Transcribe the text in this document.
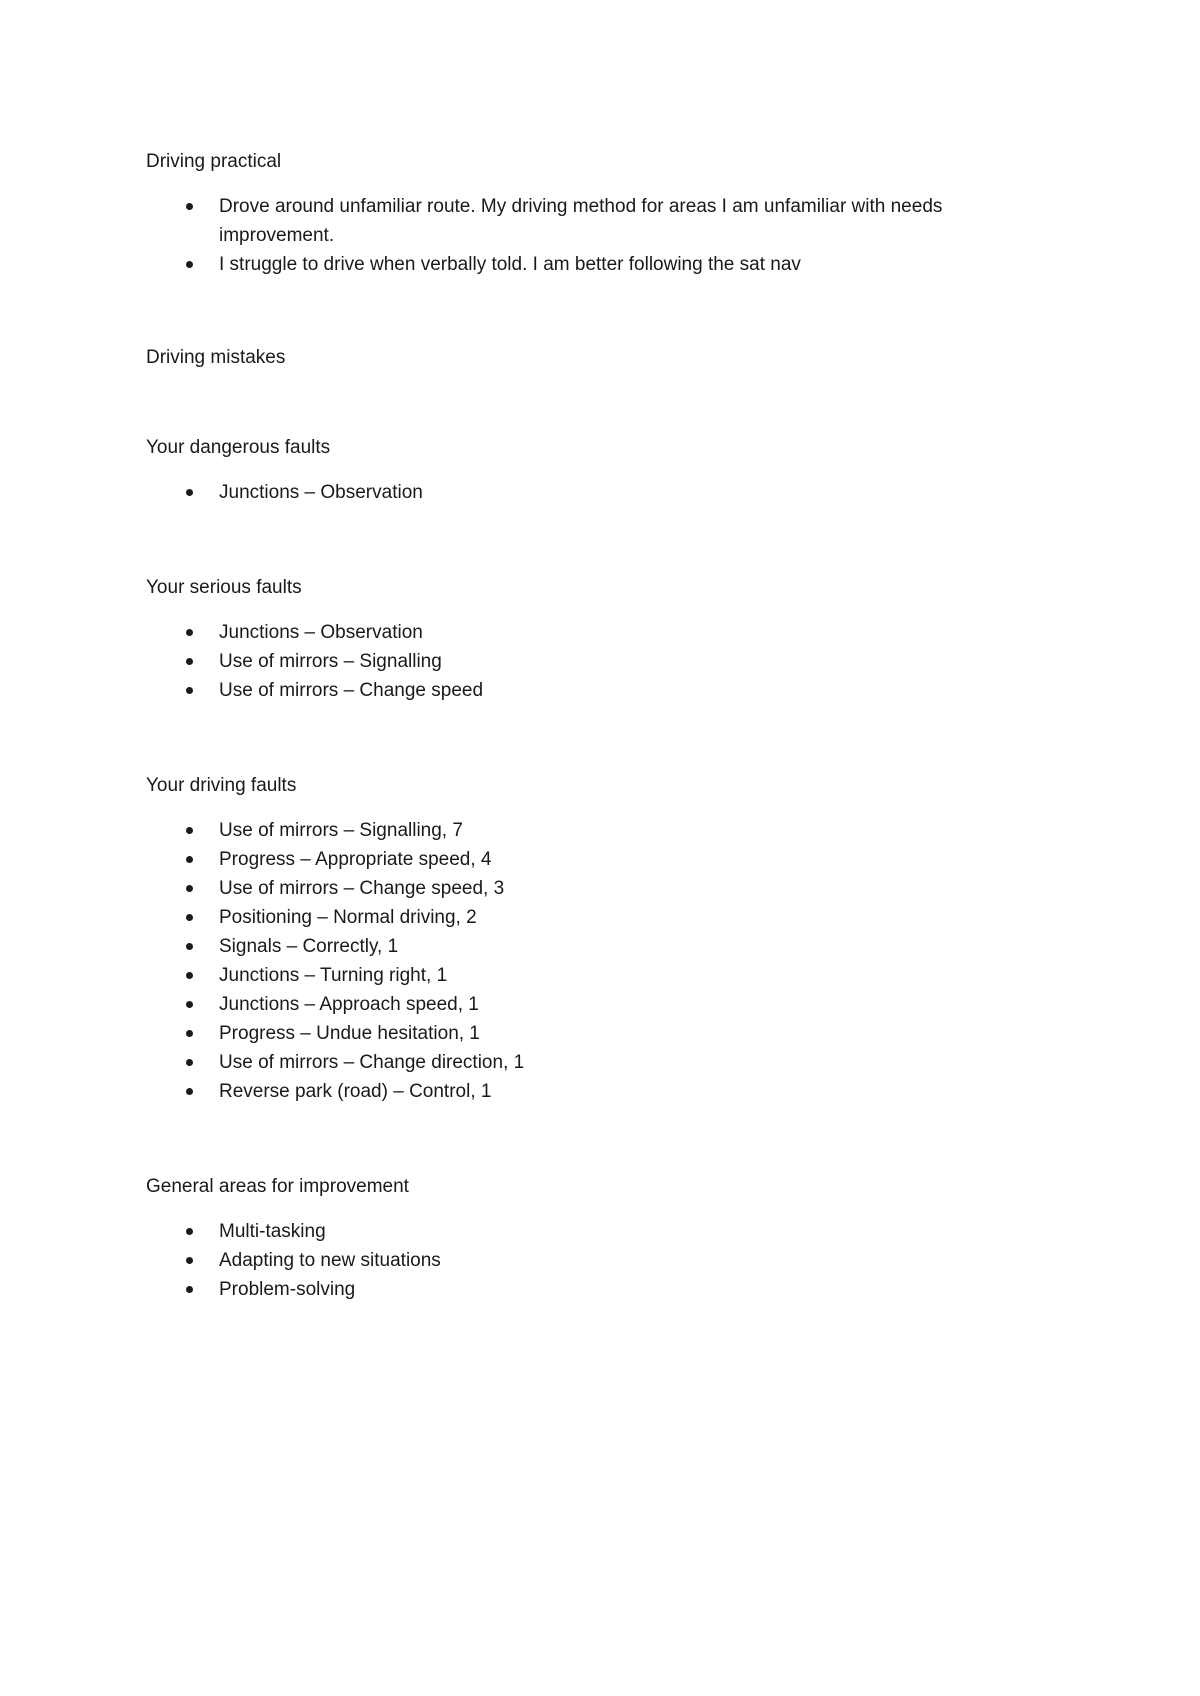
Driving practical

Drove around unfamiliar route. My driving method for areas I am unfamiliar with needs improvement.
I struggle to drive when verbally told. I am better following the sat nav

Driving mistakes

Your dangerous faults

Junctions – Observation

Your serious faults

Junctions – Observation
Use of mirrors – Signalling
Use of mirrors – Change speed

Your driving faults

Use of mirrors – Signalling, 7
Progress – Appropriate speed, 4
Use of mirrors – Change speed, 3
Positioning – Normal driving, 2
Signals – Correctly, 1
Junctions – Turning right, 1
Junctions – Approach speed, 1
Progress – Undue hesitation, 1
Use of mirrors – Change direction, 1
Reverse park (road) – Control, 1

General areas for improvement

Multi-tasking
Adapting to new situations
Problem-solving
